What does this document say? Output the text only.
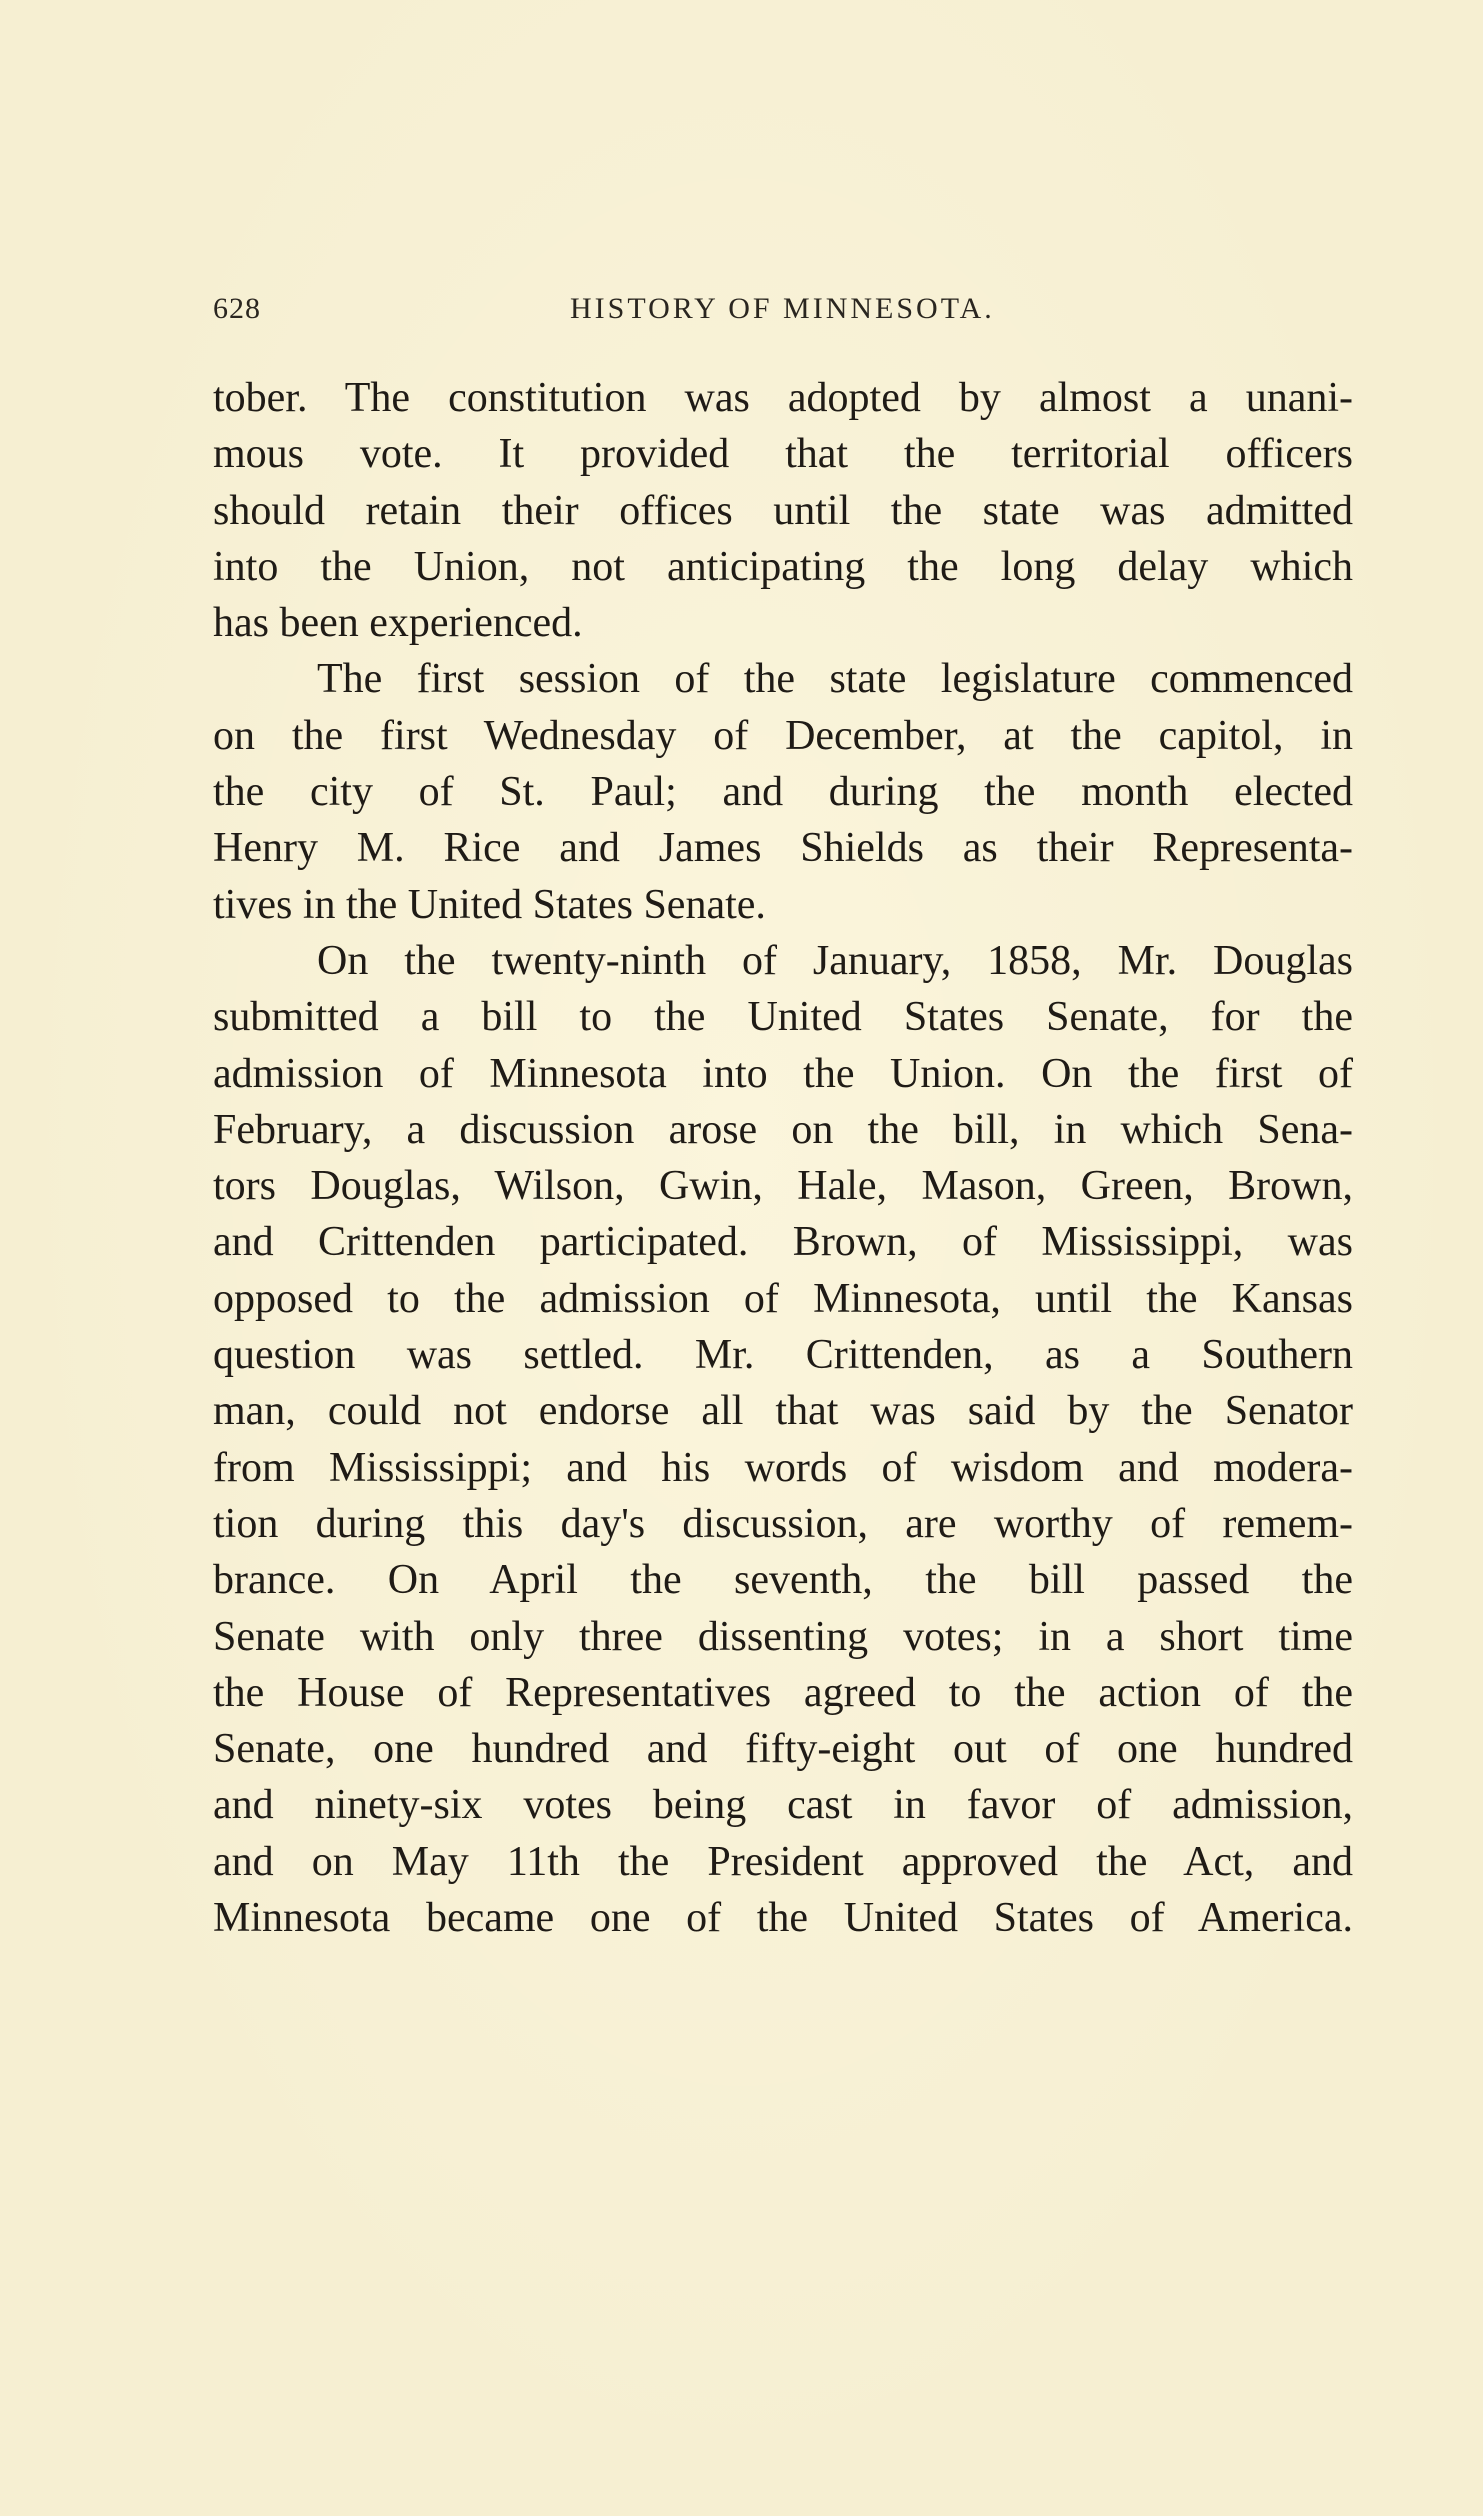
628	HISTORY OF MINNESOTA.
tober. The constitution was adopted by almost a unani-
mous vote. It provided that the territorial officers
should retain their offices until the state was admitted
into the Union, not anticipating the long delay which
has been experienced.
The first session of the state legislature commenced
on the first Wednesday of December, at the capitol, in
the city of St. Paul; and during the month elected
Henry M. Rice and James Shields as their Representa-
tives in the United States Senate.
On the twenty-ninth of January, 1858, Mr. Douglas
submitted a bill to the United States Senate, for the
admission of Minnesota into the Union. On the first of
February, a discussion arose on the bill, in which Sena-
tors Douglas, Wilson, Gwin, Hale, Mason, Green, Brown,
and Crittenden participated. Brown, of Mississippi, was
opposed to the admission of Minnesota, until the Kansas
question was settled. Mr. Crittenden, as a Southern
man, could not endorse all that was said by the Senator
from Mississippi; and his words of wisdom and modera-
tion during this day's discussion, are worthy of remem-
brance. On April the seventh, the bill passed the
Senate with only three dissenting votes; in a short time
the House of Representatives agreed to the action of the
Senate, one hundred and fifty-eight out of one hundred
and ninety-six votes being cast in favor of admission,
and on May 11th the President approved the Act, and
Minnesota became one of the United States of America.
